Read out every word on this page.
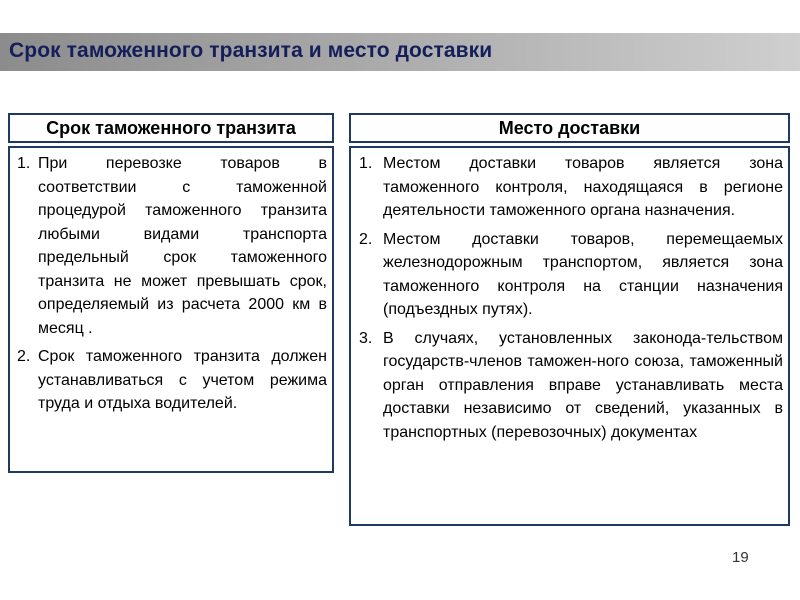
Срок таможенного транзита и место доставки
Срок таможенного транзита
1. При перевозке товаров в соответствии с таможенной процедурой таможенного транзита любыми видами транспорта предельный срок таможенного транзита не может превышать срок, определяемый из расчета 2000 км в месяц .
2. Срок таможенного транзита должен устанавливаться с учетом режима труда и отдыха водителей.
Место доставки
1. Местом доставки товаров является зона таможенного контроля, находящаяся в регионе деятельности таможенного органа назначения.
2. Местом доставки товаров, перемещаемых железнодорожным транспортом, является зона таможенного контроля на станции назначения (подъездных путях).
3. В случаях, установленных законода-тельством государств-членов таможен-ного союза, таможенный орган отправления вправе устанавливать места доставки независимо от сведений, указанных в транспортных (перевозочных) документах
19
